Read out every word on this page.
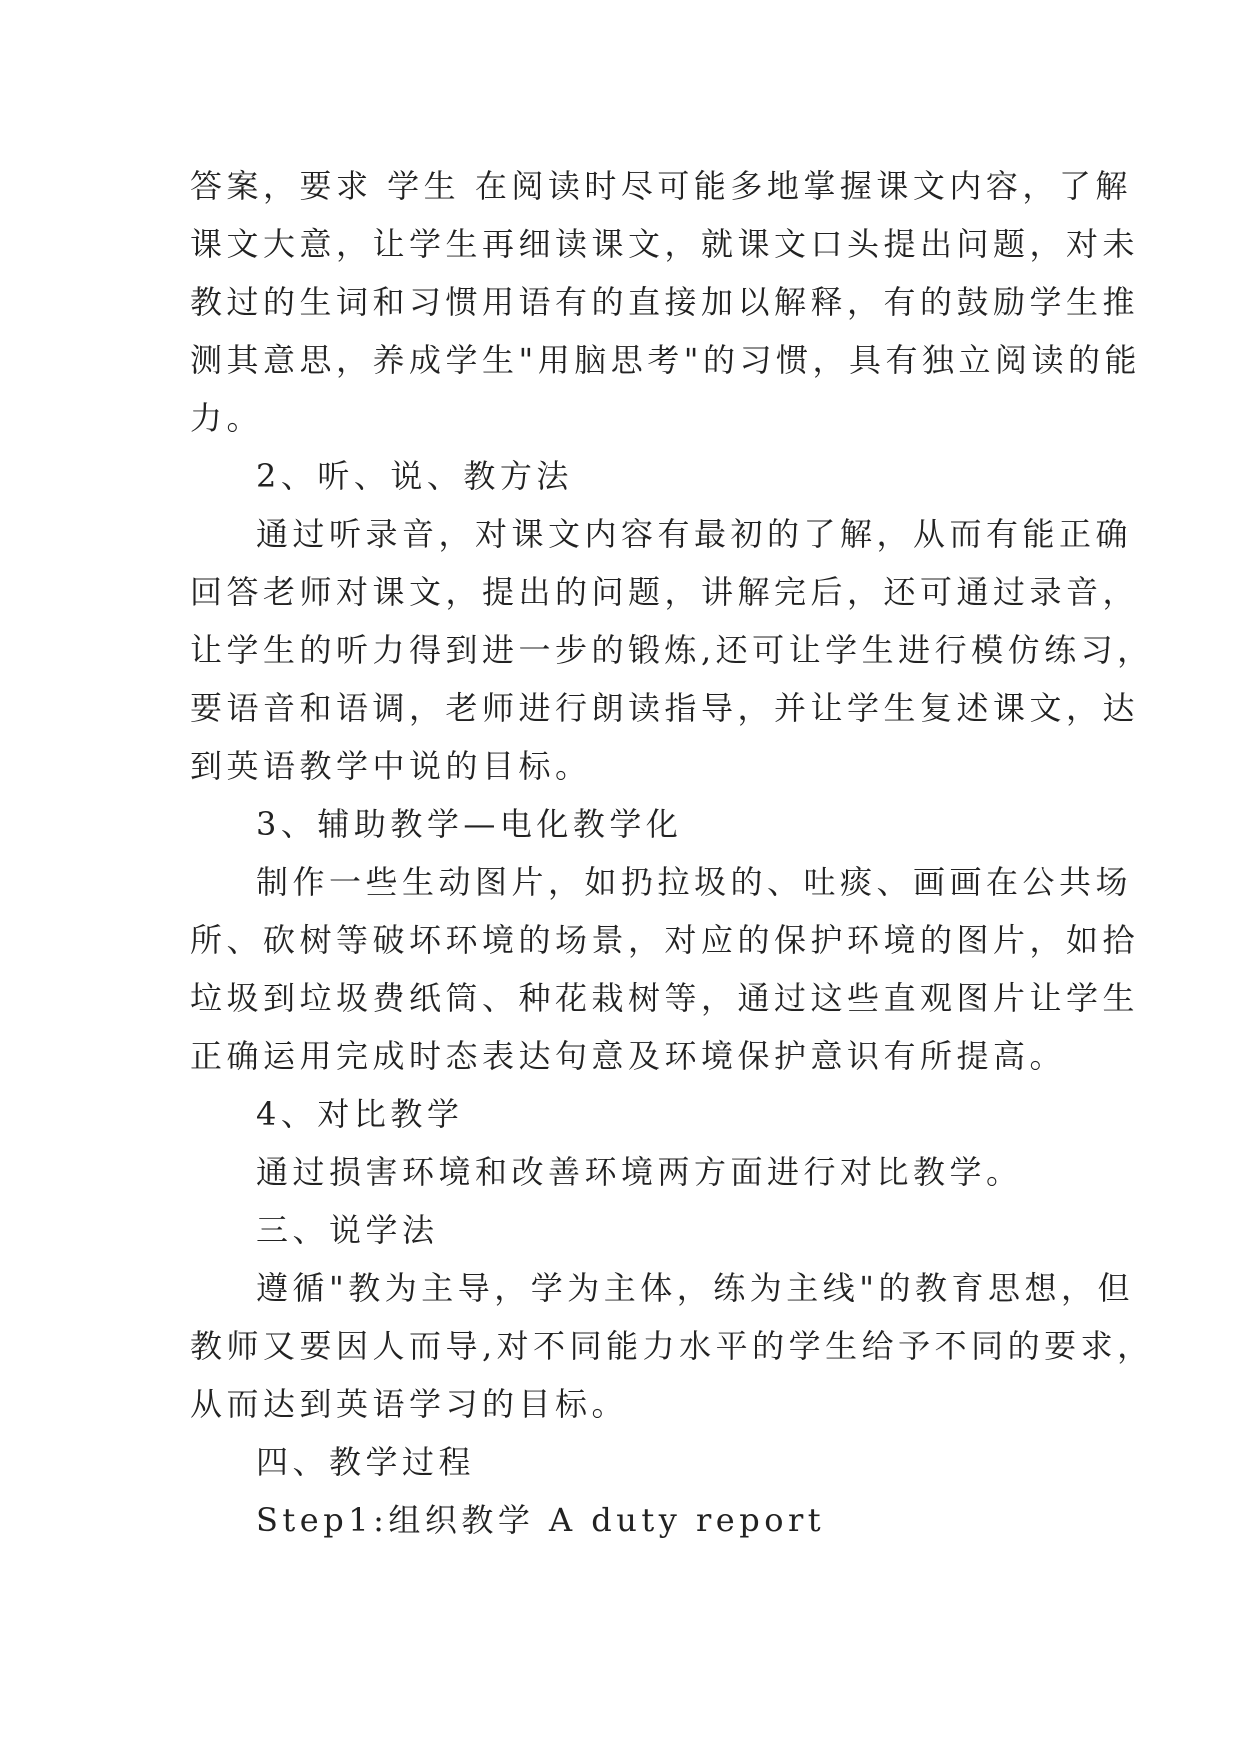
答案，要求 学生 在阅读时尽可能多地掌握课文内容，了解
课文大意，让学生再细读课文，就课文口头提出问题，对未
教过的生词和习惯用语有的直接加以解释，有的鼓励学生推
测其意思，养成学生"用脑思考"的习惯，具有独立阅读的能
力。
2、听、说、教方法
通过听录音，对课文内容有最初的了解，从而有能正确
回答老师对课文，提出的问题，讲解完后，还可通过录音，
让学生的听力得到进一步的锻炼,还可让学生进行模仿练习，
要语音和语调，老师进行朗读指导，并让学生复述课文，达
到英语教学中说的目标。
3、辅助教学—电化教学化
制作一些生动图片，如扔拉圾的、吐痰、画画在公共场
所、砍树等破坏环境的场景，对应的保护环境的图片，如拾
垃圾到垃圾费纸筒、种花栽树等，通过这些直观图片让学生
正确运用完成时态表达句意及环境保护意识有所提高。
4、对比教学
通过损害环境和改善环境两方面进行对比教学。
三、说学法
遵循"教为主导，学为主体，练为主线"的教育思想，但
教师又要因人而导,对不同能力水平的学生给予不同的要求，
从而达到英语学习的目标。
四、教学过程
Step1:组织教学 A duty report
